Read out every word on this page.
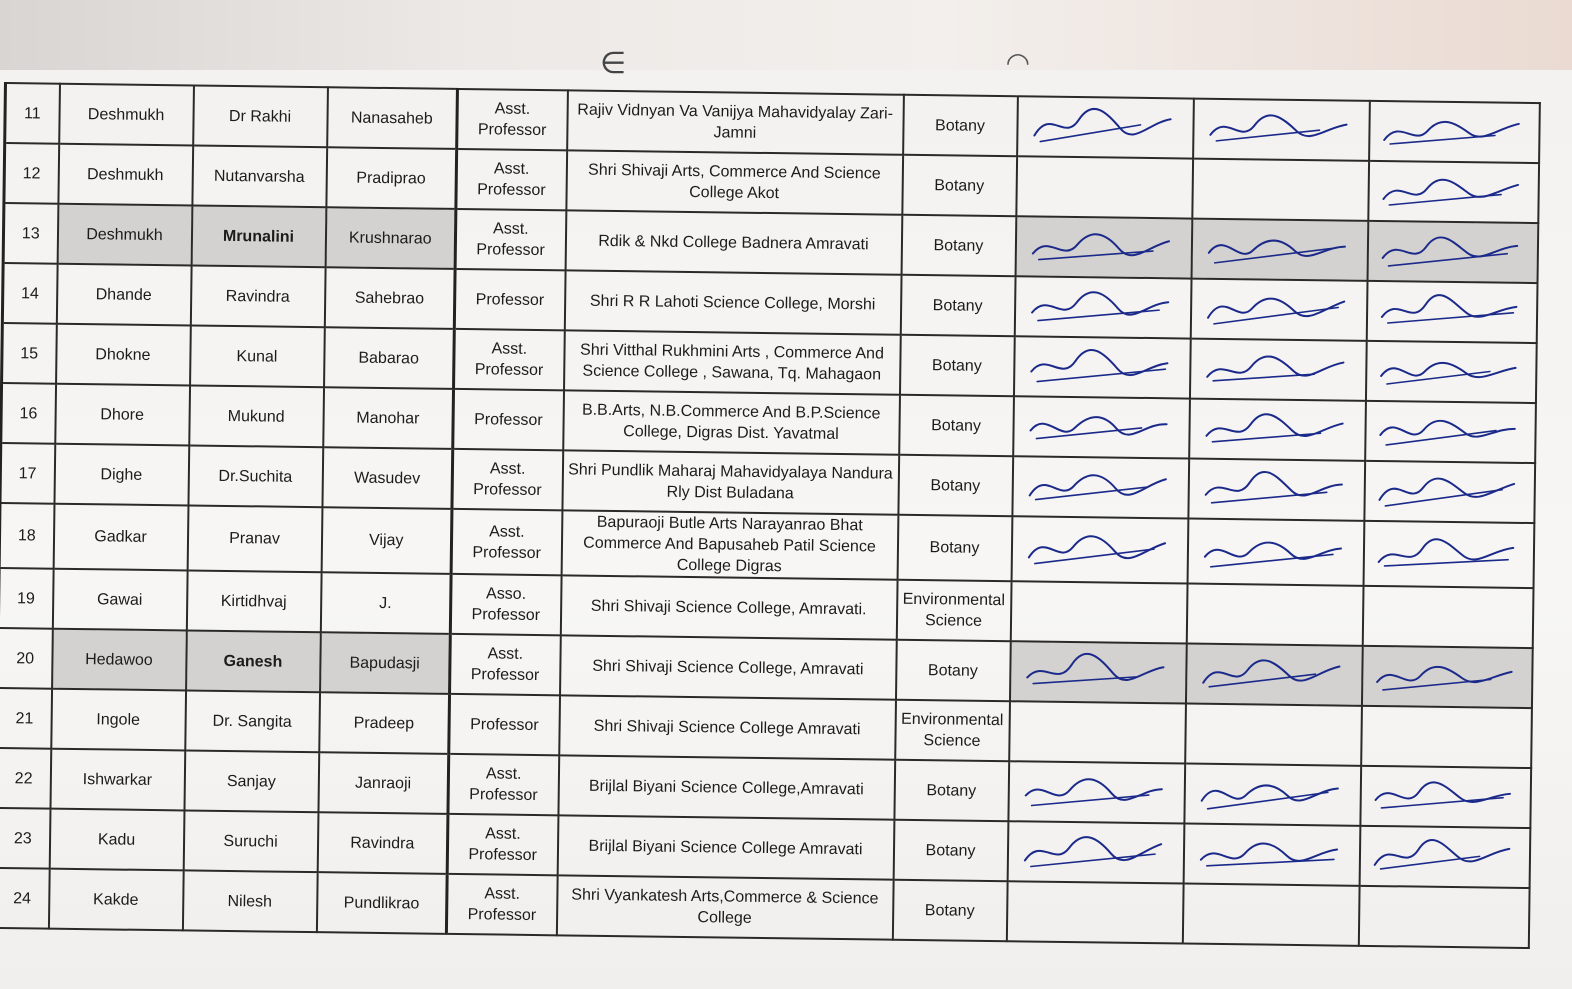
∈	◠
11	Deshmukh	Dr Rakhi	Nanasaheb	Asst. Professor	Rajiv Vidnyan Va Vanijya Mahavidyalay Zari-Jamni	Botany	

12	Deshmukh	Nutanvarsha	Pradiprao	Asst. Professor	Shri Shivaji Arts, Commerce And Science College Akot	Botany			

13	Deshmukh	Mrunalini	Krushnarao	Asst. Professor	Rdik & Nkd College Badnera Amravati	Botany	

14	Dhande	Ravindra	Sahebrao	Professor	Shri R R Lahoti Science College, Morshi	Botany	

15	Dhokne	Kunal	Babarao	Asst. Professor	Shri Vitthal Rukhmini Arts , Commerce And Science College , Sawana, Tq. Mahagaon	Botany	

16	Dhore	Mukund	Manohar	Professor	B.B.Arts, N.B.Commerce And B.P.Science College, Digras Dist. Yavatmal	Botany	

17	Dighe	Dr.Suchita	Wasudev	Asst. Professor	Shri Pundlik Maharaj Mahavidyalaya Nandura Rly Dist Buladana	Botany	

18	Gadkar	Pranav	Vijay	Asst. Professor	Bapuraoji Butle Arts Narayanrao Bhat Commerce And Bapusaheb Patil Science College Digras	Botany	

19	Gawai	Kirtidhvaj	J.	Asso. Professor	Shri Shivaji Science College, Amravati.	Environmental Science			
20	Hedawoo	Ganesh	Bapudasji	Asst. Professor	Shri Shivaji Science College, Amravati	Botany	

21	Ingole	Dr. Sangita	Pradeep	Professor	Shri Shivaji Science College Amravati	Environmental Science			
22	Ishwarkar	Sanjay	Janraoji	Asst. Professor	Brijlal Biyani Science College,Amravati	Botany	

23	Kadu	Suruchi	Ravindra	Asst. Professor	Brijlal Biyani Science College Amravati	Botany	

24	Kakde	Nilesh	Pundlikrao	Asst. Professor	Shri Vyankatesh Arts,Commerce & Science College	Botany			
